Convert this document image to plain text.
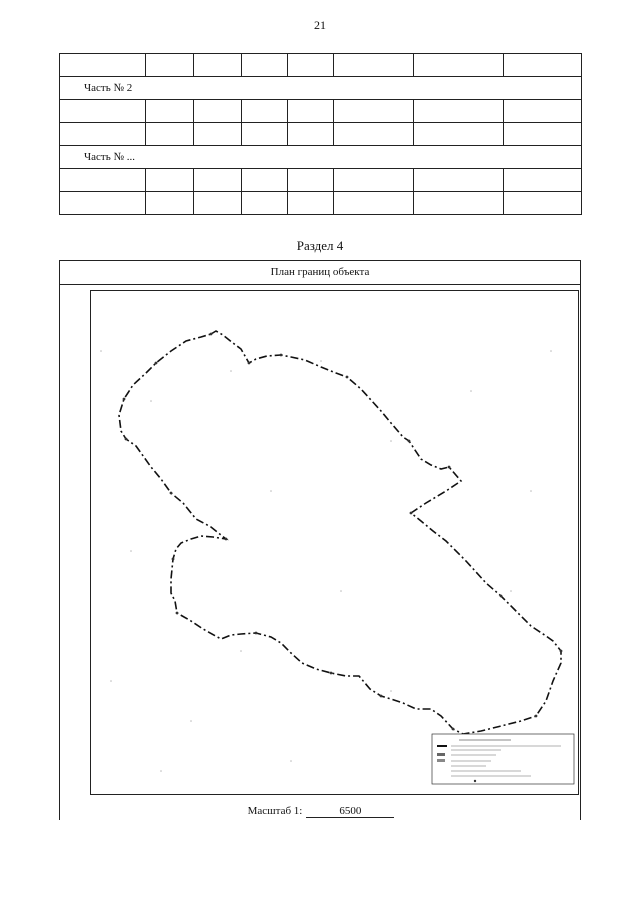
21

Часть № 2							

Часть № ...							

Раздел 4
План границ объекта
Масштаб 1:	6500
